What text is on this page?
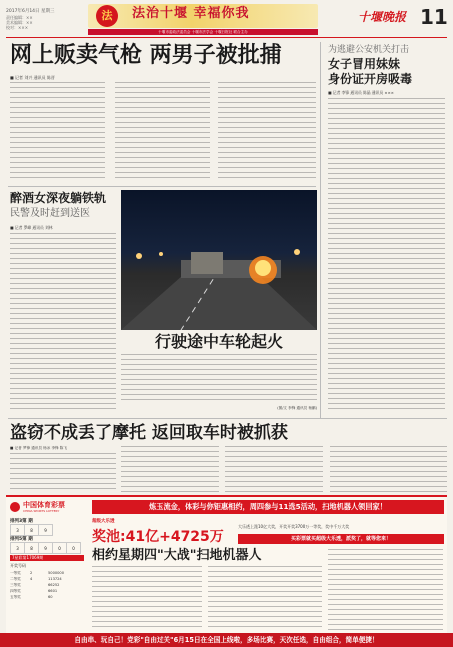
2017年6月14日 星期三
责任编辑：××
美术编辑：××
校对：×××
法	法治十堰 幸福你我
十堰市委政法委员会 十堰市法学会 十堰日报社 联合主办
十堰晚报 11
网上贩卖气枪 两男子被批捕
■ 记者 刘兴 通讯员 陈晋
为逃避公安机关打击
女子冒用妹妹
身份证开房吸毒
■ 记者 李锋 通讯员 陈晶 通讯员 ×××
醉酒女深夜躺铁轨
民警及时赶到送医
■ 记者 罗峰 通讯员 刘林
行驶途中车轮起火
(图/文 李锋 通讯员 杨鹏)
盗窃不成丢了摩托 返回取车时被抓获
■ 记者 罗锋 通讯员 杨冰 李锋 陈飞
中国体育彩票
CHINA SPORTS LOTTERY	炼玉流金，体彩与你钜惠相约，周四参与11选5活动，扫地机器人领回家！
排列3第 期
3	8	9
排列5第 期
3	8	9	0	0
7星彩第17069期
开奖号码
一等奖	2	5000000
二等奖	4	113724
三等奖	66252
四等奖	6601
五等奖	60
超级大乐透
奖池:41亿+4725万
大乐透上派10亿大奖，开奖开奖3700万一等奖，奖中千万大奖
买彩票就买超级大乐透，派奖了，就等您来！
相约星期四"大战"扫地机器人
自由串、玩自己！党彩"自由过关"6月15日在全国上线啦，多场比赛，天次任选，自由组合，简单便捷！
